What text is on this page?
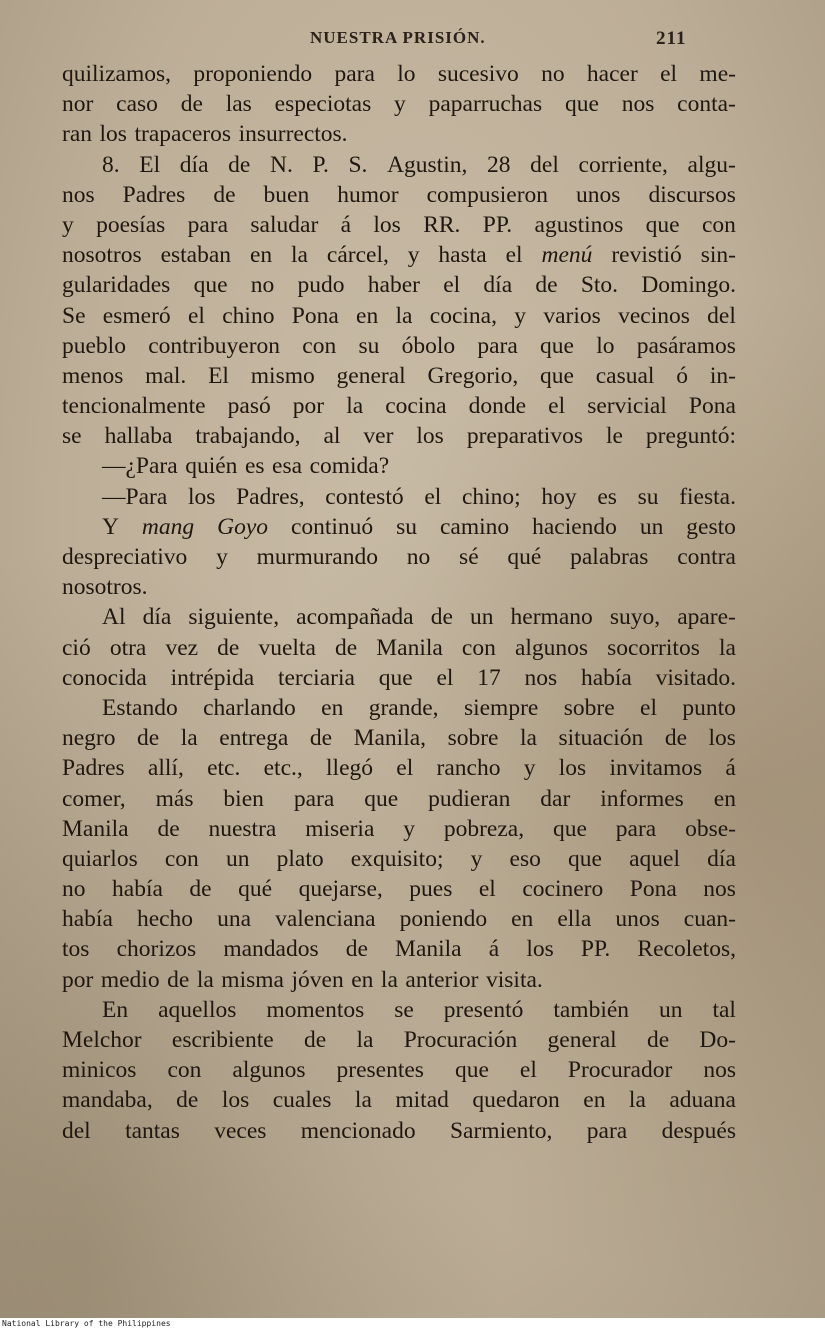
NUESTRA PRISIÓN.	211
quilizamos, proponiendo para lo sucesivo no hacer el me-
nor caso de las especiotas y paparruchas que nos conta-
ran los trapaceros insurrectos.
8. El día de N. P. S. Agustin, 28 del corriente, algu-
nos Padres de buen humor compusieron unos discursos
y poesías para saludar á los RR. PP. agustinos que con
nosotros estaban en la cárcel, y hasta el menú revistió sin-
gularidades que no pudo haber el día de Sto. Domingo.
Se esmeró el chino Pona en la cocina, y varios vecinos del
pueblo contribuyeron con su óbolo para que lo pasáramos
menos mal. El mismo general Gregorio, que casual ó in-
tencionalmente pasó por la cocina donde el servicial Pona
se hallaba trabajando, al ver los preparativos le preguntó:
—¿Para quién es esa comida?
—Para los Padres, contestó el chino; hoy es su fiesta.
Y mang Goyo continuó su camino haciendo un gesto
despreciativo y murmurando no sé qué palabras contra
nosotros.
Al día siguiente, acompañada de un hermano suyo, apare-
ció otra vez de vuelta de Manila con algunos socorritos la
conocida intrépida terciaria que el 17 nos había visitado.
Estando charlando en grande, siempre sobre el punto
negro de la entrega de Manila, sobre la situación de los
Padres allí, etc. etc., llegó el rancho y los invitamos á
comer, más bien para que pudieran dar informes en
Manila de nuestra miseria y pobreza, que para obse-
quiarlos con un plato exquisito; y eso que aquel día
no había de qué quejarse, pues el cocinero Pona nos
había hecho una valenciana poniendo en ella unos cuan-
tos chorizos mandados de Manila á los PP. Recoletos,
por medio de la misma jóven en la anterior visita.
En aquellos momentos se presentó también un tal
Melchor escribiente de la Procuración general de Do-
minicos con algunos presentes que el Procurador nos
mandaba, de los cuales la mitad quedaron en la aduana
del tantas veces mencionado Sarmiento, para después
National Library of the Philippines
